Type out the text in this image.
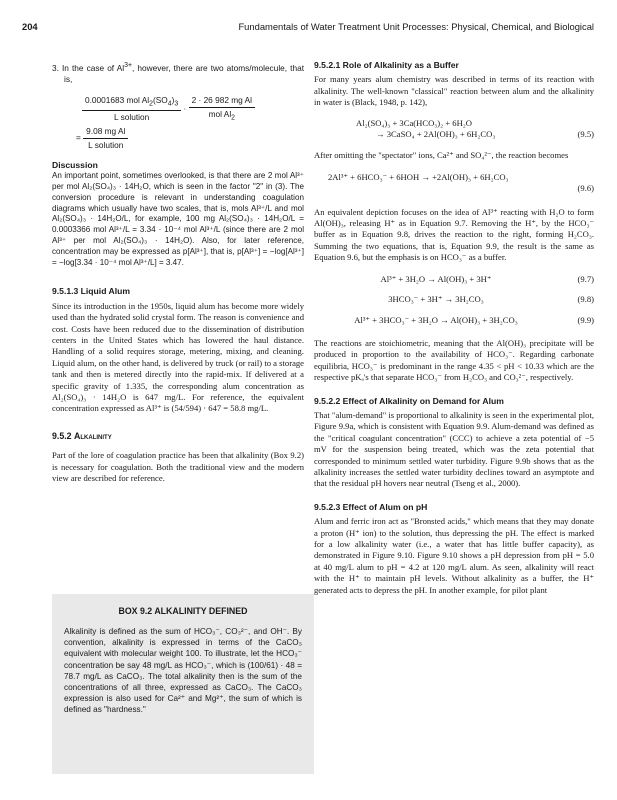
204	Fundamentals of Water Treatment Unit Processes: Physical, Chemical, and Biological
3. In the case of $Al^{3+}$, however, there are two atoms/molecule, that is,
$\frac{0.0001683 mol Al_2(SO_4)_3}{\text{L solution}} \cdot \frac{\text{2 · 26 982 mg Al}}{mol Al_2}$
= $\frac{\text{9.08 mg Al}}{\text{L solution}}$

Discussion

An important point, sometimes overlooked, is that there are 2 mol Al³⁺ per mol Al₂(SO₄)₃ · 14H₂O, which is seen in the factor "2" in (3). The conversion procedure is relevant in understanding coagulation diagrams which usually have two scales, that is, mols Al³⁺/L and mol Al₂(SO₄)₃ · 14H₂O/L, for example, 100 mg Al₂(SO₄)₃ · 14H₂O/L = 0.0003366 mol Al³⁺/L = 3.34 · 10⁻⁴ mol Al³⁺/L (since there are 2 mol Al³⁺ per mol Al₂(SO₄)₃ · 14H₂O). Also, for later reference, concentration may be expressed as p[Al³⁺], that is, p[Al³⁺] = −log[Al³⁺] = −log[3.34 · 10⁻⁴ mol Al³⁺/L] = 3.47.

9.5.1.3 Liquid Alum

Since its introduction in the 1950s, liquid alum has become more widely used than the hydrated solid crystal form. The reason is convenience and cost. Costs have been reduced due to the dissemination of distribution centers in the United States which has lowered the haul distance. Handling of a solid requires storage, metering, mixing, and cleaning. Liquid alum, on the other hand, is delivered by truck (or rail) to a storage tank and then is metered directly into the rapid-mix. If delivered at a specific gravity of 1.335, the corresponding alum concentration as Al₂(SO₄)₃ · 14H₂O is 647 mg/L. For reference, the equivalent concentration expressed as Al³⁺ is (54/594) · 647 = 58.8 mg/L.

9.5.2 Alkalinity

Part of the lore of coagulation practice has been that alkalinity (Box 9.2) is necessary for coagulation. Both the traditional view and the modern view are described for reference.

BOX 9.2 ALKALINITY DEFINED
Alkalinity is defined as the sum of HCO₃⁻, CO₃²⁻, and OH⁻. By convention, alkalinity is expressed in terms of the CaCO₃ equivalent with molecular weight 100. To illustrate, let the HCO₃⁻ concentration be say 48 mg/L as HCO₃⁻, which is (100/61) · 48 = 78.7 mg/L as CaCO₃. The total alkalinity then is the sum of the concentrations of all three, expressed as CaCO₃. The CaCO₃ expression is also used for Ca²⁺ and Mg²⁺, the sum of which is defined as "hardness."

9.5.2.1 Role of Alkalinity as a Buffer

For many years alum chemistry was described in terms of its reaction with alkalinity. The well-known "classical" reaction between alum and the alkalinity in water is (Black, 1948, p. 142),

Al₂(SO₄)₃ + 3Ca(HCO₃)₂ + 6H₂O
→ 3CaSO₄ + 2Al(OH)₃ + 6H₂CO₃	(9.5)

After omitting the "spectator" ions, Ca²⁺ and SO₄²⁻, the reaction becomes

2Al³⁺ + 6HCO₃⁻ + 6HOH → +2Al(OH)₃ + 6H₂CO₃
(9.6)

An equivalent depiction focuses on the idea of Al³⁺ reacting with H₂O to form Al(OH)₃, releasing H⁺ as in Equation 9.7. Removing the H⁺, by the HCO₃⁻ buffer as in Equation 9.8, drives the reaction to the right, forming H₂CO₃. Summing the two equations, that is, Equation 9.9, the result is the same as Equation 9.6, but the emphasis is on HCO₃⁻ as a buffer.

Al³⁺ + 3H₂O → Al(OH)₃ + 3H⁺	(9.7)
3HCO₃⁻ + 3H⁺ → 3H₂CO₃	(9.8)
Al³⁺ + 3HCO₃⁻ + 3H₂O → Al(OH)₃ + 3H₂CO₃	(9.9)

The reactions are stoichiometric, meaning that the Al(OH)₃ precipitate will be produced in proportion to the availability of HCO₃⁻. Regarding carbonate equilibria, HCO₃⁻ is predominant in the range 4.35 < pH < 10.33 which are the respective pKₐ's that separate HCO₃⁻ from H₂CO₃ and CO₃²⁻, respectively.

9.5.2.2 Effect of Alkalinity on Demand for Alum

That "alum-demand" is proportional to alkalinity is seen in the experimental plot, Figure 9.9a, which is consistent with Equation 9.9. Alum-demand was defined as the "critical coagulant concentration" (CCC) to achieve a zeta potential of −5 mV for the suspension being treated, which was the zeta potential that corresponded to minimum settled water turbidity. Figure 9.9b shows that as the alkalinity increases the settled water turbidity declines toward an asymptote and that the residual pH hovers near neutral (Tseng et al., 2000).

9.5.2.3 Effect of Alum on pH

Alum and ferric iron act as "Bronsted acids," which means that they may donate a proton (H⁺ ion) to the solution, thus depressing the pH. The effect is marked for a low alkalinity water (i.e., a water that has little buffer capacity), as demonstrated in Figure 9.10. Figure 9.10 shows a pH depression from pH = 5.0 at 40 mg/L alum to pH = 4.2 at 120 mg/L alum. As seen, alkalinity will react with the H⁺ to maintain pH levels. Without alkalinity as a buffer, the H⁺ generated acts to depress the pH. In another example, for pilot plant
